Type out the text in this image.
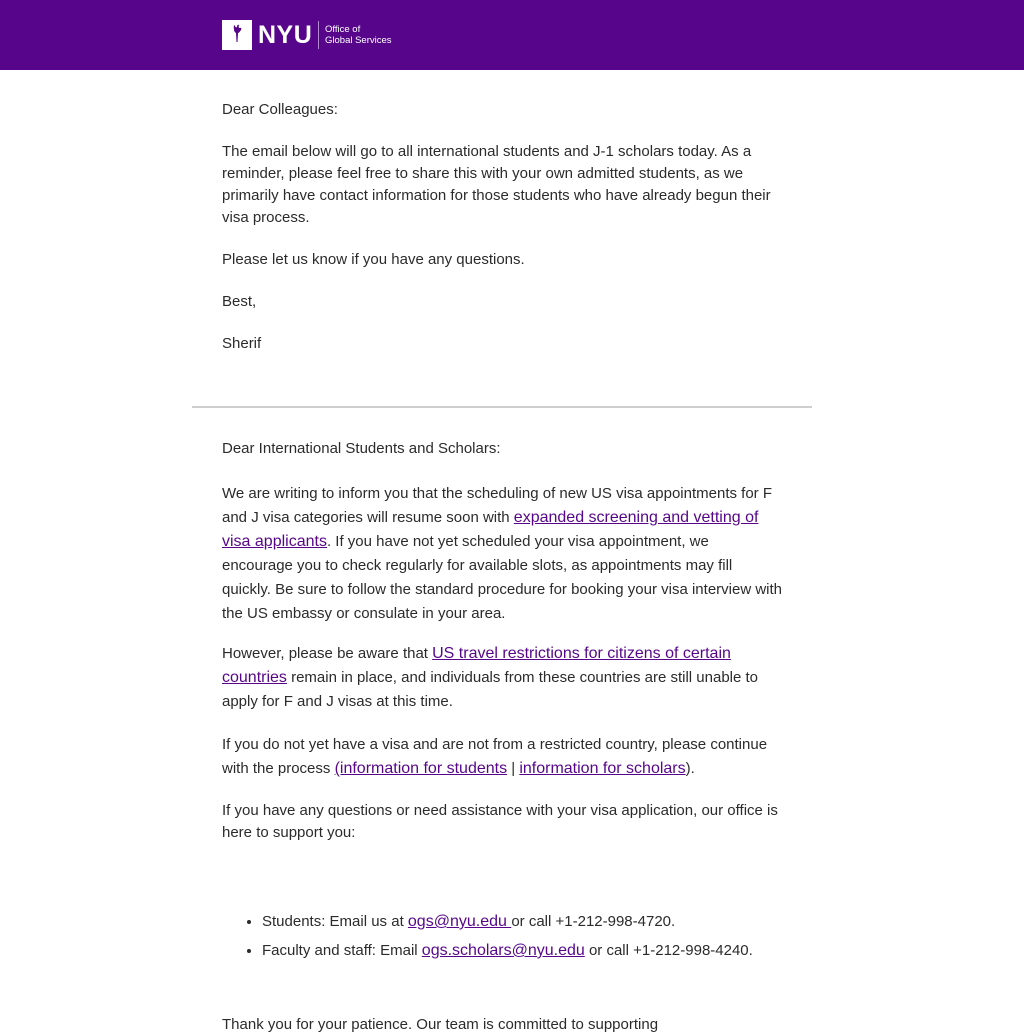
NYU Office of
Global Services

Dear Colleagues:

The email below will go to all international students and J-1 scholars today. As a reminder, please feel free to share this with your own admitted students, as we primarily have contact information for those students who have already begun their visa process.

Please let us know if you have any questions.

Best,

Sherif

Dear International Students and Scholars:

We are writing to inform you that the scheduling of new US visa appointments for F and J visa categories will resume soon with expanded screening and vetting of visa applicants. If you have not yet scheduled your visa appointment, we encourage you to check regularly for available slots, as appointments may fill quickly. Be sure to follow the standard procedure for booking your visa interview with the US embassy or consulate in your area.

However, please be aware that US travel restrictions for citizens of certain countries remain in place, and individuals from these countries are still unable to apply for F and J visas at this time.

If you do not yet have a visa and are not from a restricted country, please continue with the process (information for students | information for scholars).

If you have any questions or need assistance with your visa application, our office is here to support you:

• Students: Email us at ogs@nyu.edu or call +1-212-998-4720.
• Faculty and staff: Email ogs.scholars@nyu.edu or call +1-212-998-4240.

Thank you for your patience. Our team is committed to supporting
